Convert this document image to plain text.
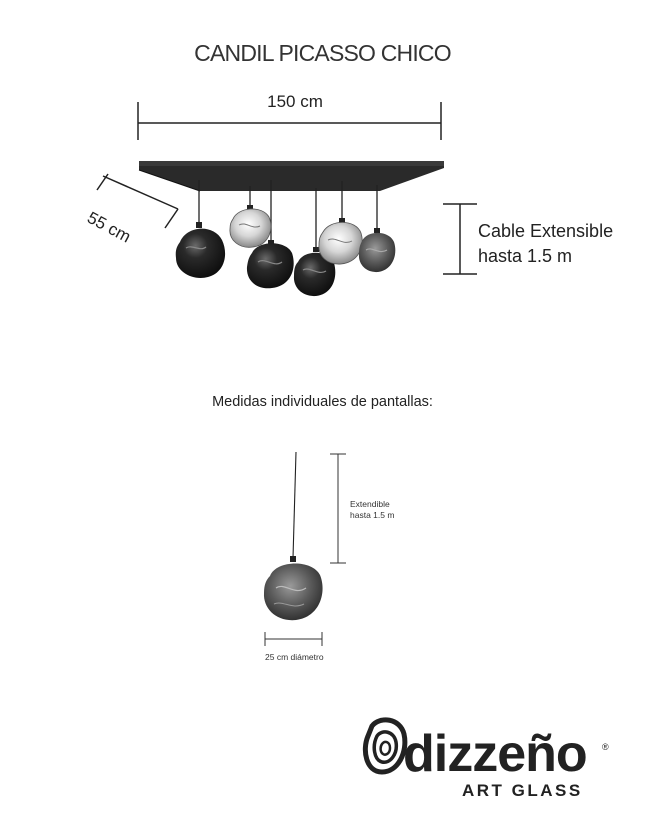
CANDIL PICASSO CHICO
150 cm
55 cm	Cable Extensible
hasta 1.5 m
Medidas individuales de pantallas:
Extendible
hasta 1.5 m
25 cm diámetro
dizzeño ®
ART GLASS
